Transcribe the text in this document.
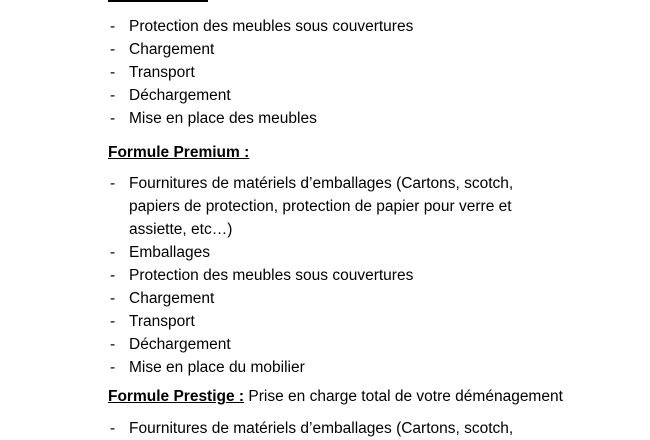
- Protection des meubles sous couvertures
- Chargement
- Transport
- Déchargement
- Mise en place des meubles
Formule Premium :
- Fournitures de matériels d’emballages (Cartons, scotch, papiers de protection, protection de papier pour verre et assiette, etc…)
- Emballages
- Protection des meubles sous couvertures
- Chargement
- Transport
- Déchargement
- Mise en place du mobilier
Formule Prestige : Prise en charge total de votre déménagement
- Fournitures de matériels d’emballages (Cartons, scotch,
